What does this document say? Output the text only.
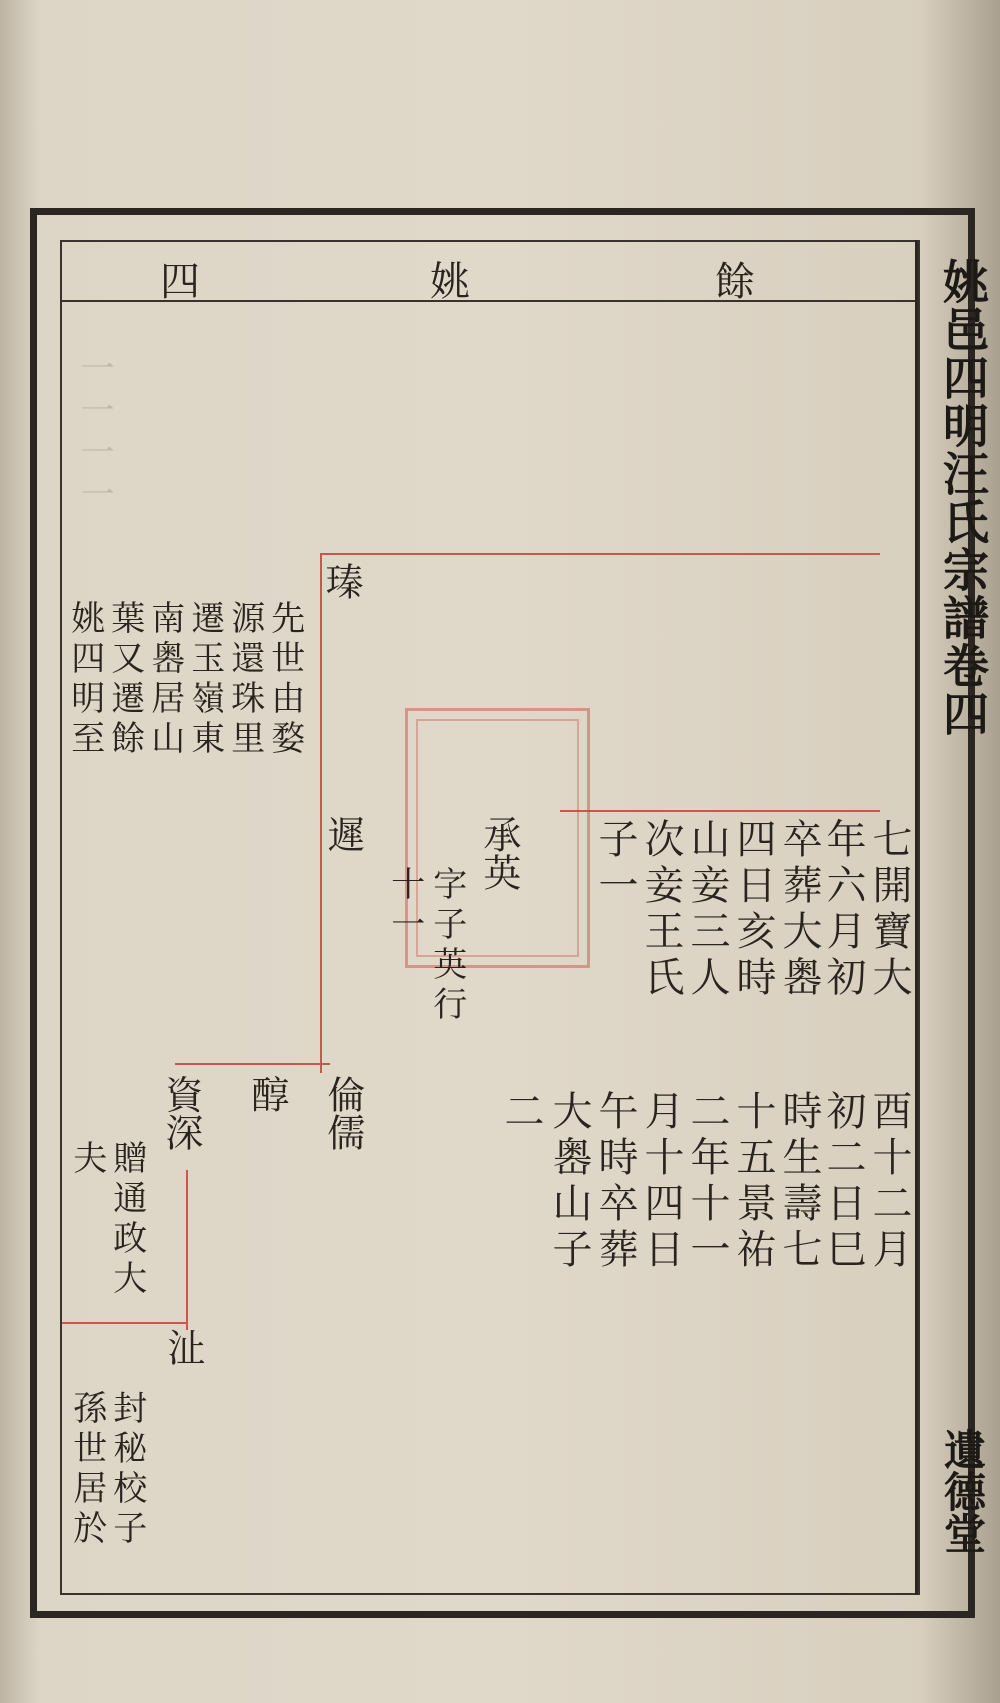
四	姚	餘	姚邑四明汪氏宗譜卷四
遺德堂
一一一一
七開寶大
年六月初
卒葬大嶴
四日亥時
山妾三人
次妾王氏
子一
酉十二月
初二日巳
時生壽七
十五景祐
二年十一
月十四日
午時卒葬
大嶴山子
二
瑧
遲	承英
字子英行
十一
倫儒
醇
資深
沚
先世由婺
源還珠里
遷玉嶺東
南嶴居山
葉又遷餘
姚四明至
贈通政大
夫
封秘校子
孫世居於
